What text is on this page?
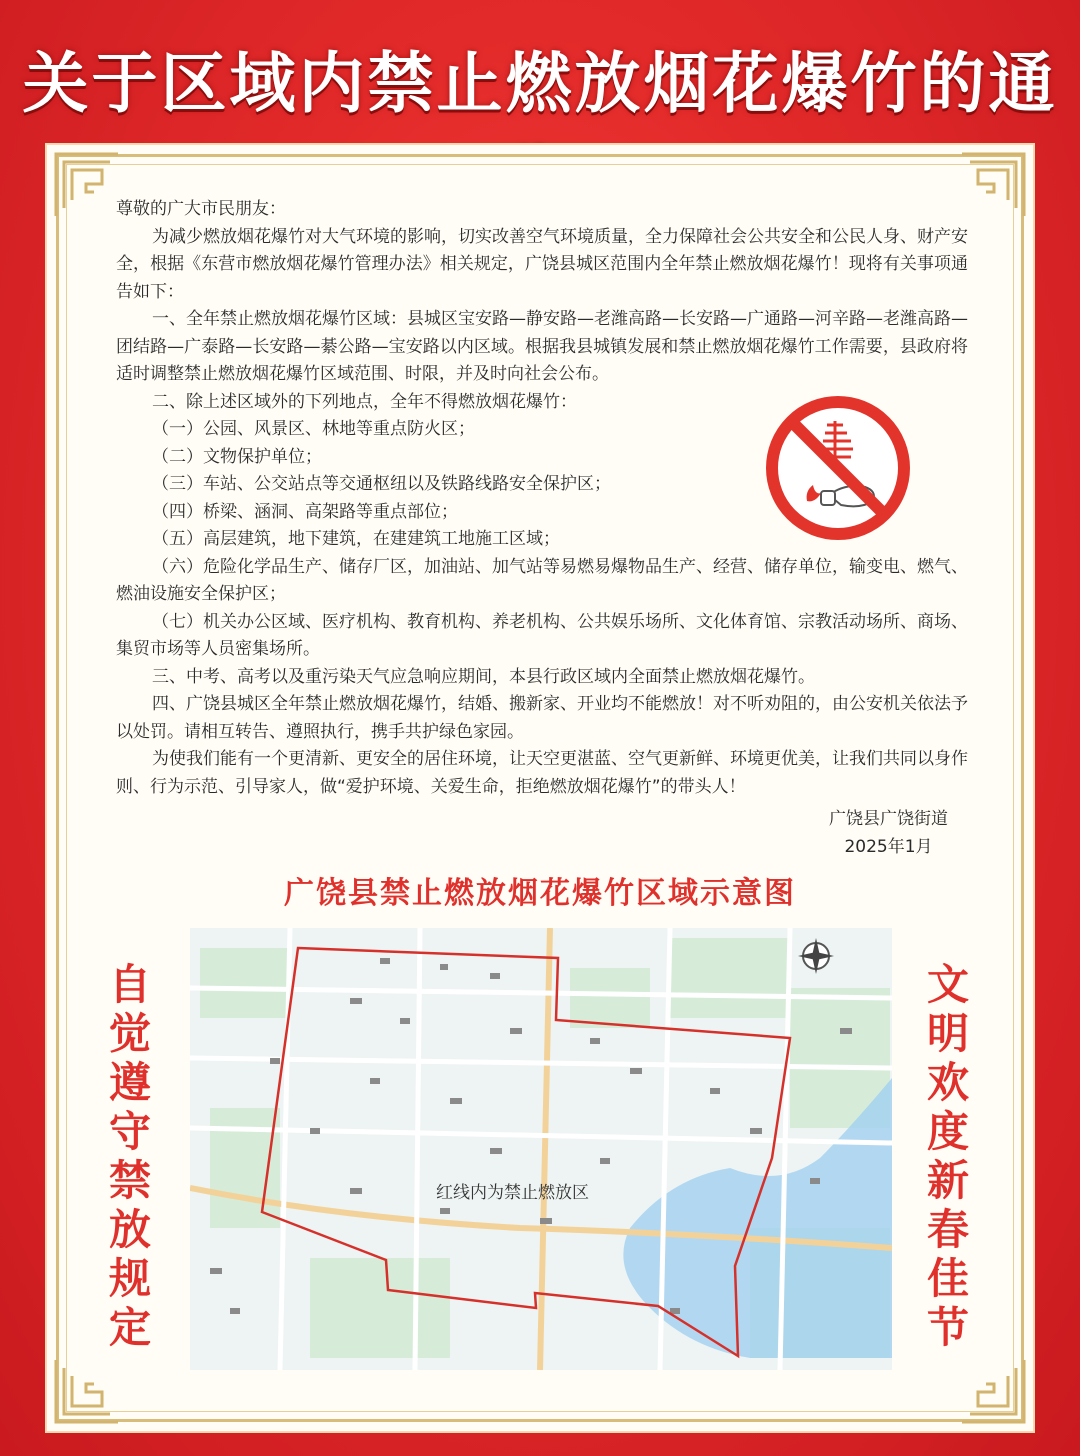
关于区域内禁止燃放烟花爆竹的通

尊敬的广大市民朋友：

为减少燃放烟花爆竹对大气环境的影响，切实改善空气环境质量，全力保障社会公共安全和公民人身、财产安全，根据《东营市燃放烟花爆竹管理办法》相关规定，广饶县城区范围内全年禁止燃放烟花爆竹！现将有关事项通告如下：

一、全年禁止燃放烟花爆竹区域：县城区宝安路—静安路—老潍高路—长安路—广通路—河辛路—老潍高路—团结路—广泰路—长安路—綦公路—宝安路以内区域。根据我县城镇发展和禁止燃放烟花爆竹工作需要，县政府将适时调整禁止燃放烟花爆竹区域范围、时限，并及时向社会公布。

二、除上述区域外的下列地点，全年不得燃放烟花爆竹：

（一）公园、风景区、林地等重点防火区；

（二）文物保护单位；

（三）车站、公交站点等交通枢纽以及铁路线路安全保护区；

（四）桥梁、涵洞、高架路等重点部位；

（五）高层建筑，地下建筑，在建建筑工地施工区域；

（六）危险化学品生产、储存厂区，加油站、加气站等易燃易爆物品生产、经营、储存单位，输变电、燃气、燃油设施安全保护区；

（七）机关办公区域、医疗机构、教育机构、养老机构、公共娱乐场所、文化体育馆、宗教活动场所、商场、集贸市场等人员密集场所。

三、中考、高考以及重污染天气应急响应期间，本县行政区域内全面禁止燃放烟花爆竹。

四、广饶县城区全年禁止燃放烟花爆竹，结婚、搬新家、开业均不能燃放！对不听劝阻的，由公安机关依法予以处罚。请相互转告、遵照执行，携手共护绿色家园。

为使我们能有一个更清新、更安全的居住环境，让天空更湛蓝、空气更新鲜、环境更优美，让我们共同以身作则、行为示范、引导家人，做“爱护环境、关爱生命，拒绝燃放烟花爆竹”的带头人！

广饶县广饶街道
2025年1月
广饶县禁止燃放烟花爆竹区域示意图
红线内为禁止燃放区
自
觉
遵
守
禁
放
规
定
文
明
欢
度
新
春
佳
节
